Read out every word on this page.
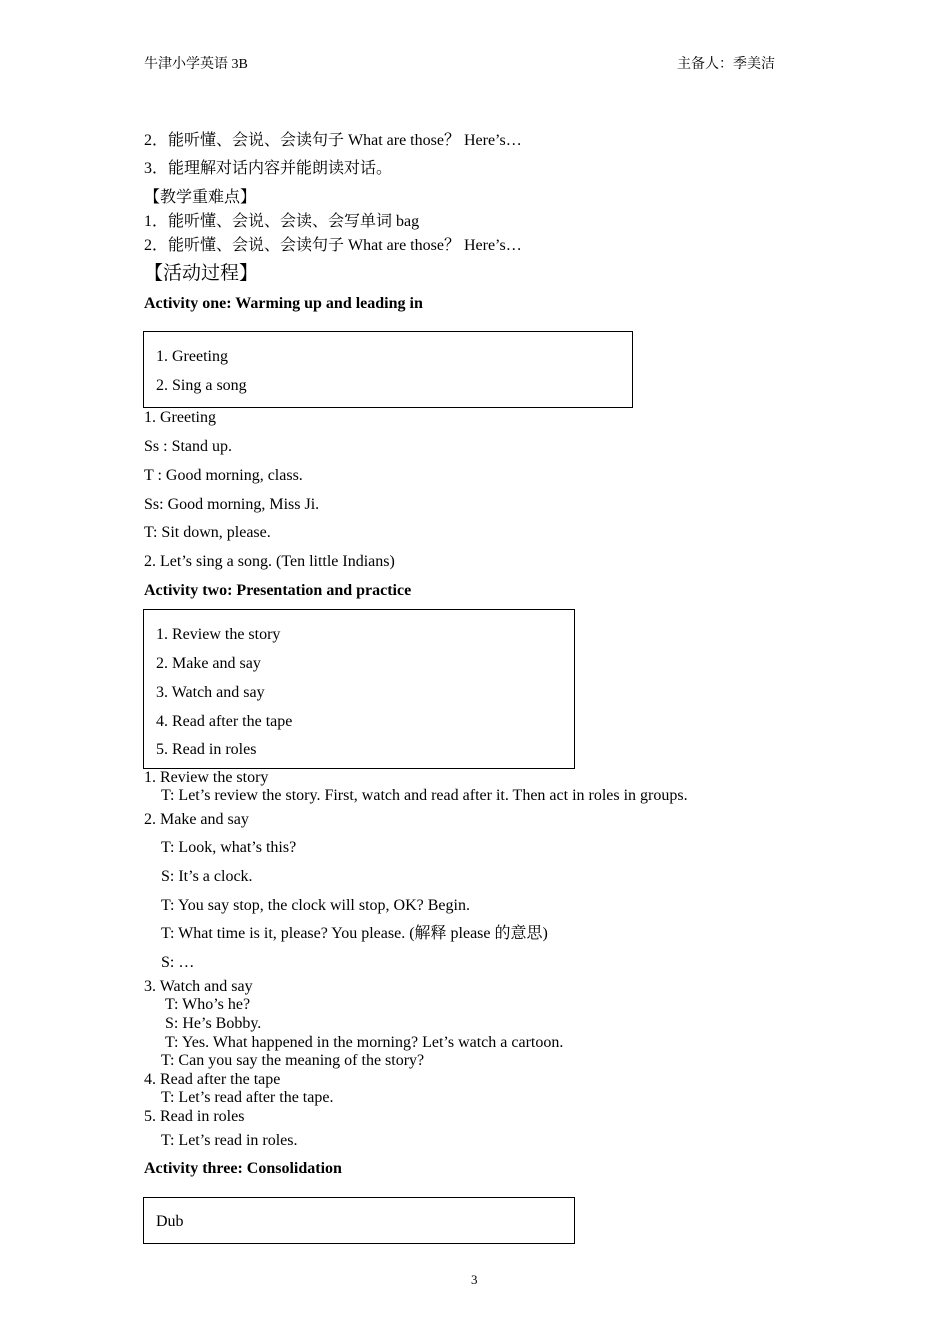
牛津小学英语 3B	主备人：季美洁
2．能听懂、会说、会读句子 What are those？ Here’s…
3．能理解对话内容并能朗读对话。
【教学重难点】
1．能听懂、会说、会读、会写单词 bag
2．能听懂、会说、会读句子 What are those？ Here’s…
【活动过程】
Activity one: Warming up and leading in
1. Greeting
2. Sing a song
1. Greeting
Ss : Stand up.
T : Good morning, class.
Ss: Good morning, Miss Ji.
T: Sit down, please.
2. Let’s sing a song. (Ten little Indians)
Activity two: Presentation and practice
1. Review the story
2. Make and say
3. Watch and say
4. Read after the tape
5. Read in roles
1. Review the story
T: Let’s review the story. First, watch and read after it. Then act in roles in groups.
2. Make and say
T: Look, what’s this?
S: It’s a clock.
T: You say stop, the clock will stop, OK? Begin.
T: What time is it, please? You please. (解释 please 的意思)
S: …
3. Watch and say
T: Who’s he?
S: He’s Bobby.
T: Yes. What happened in the morning? Let’s watch a cartoon.
T: Can you say the meaning of the story?
4. Read after the tape
T: Let’s read after the tape.
5. Read in roles
T: Let’s read in roles.
Activity three: Consolidation
Dub
3
